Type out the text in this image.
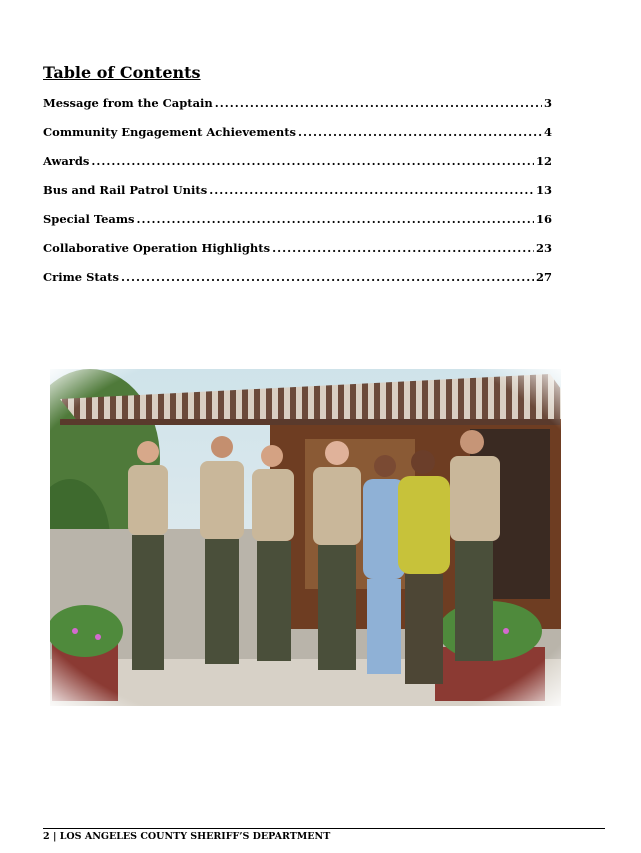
Table of Contents
Message from the Captain .....	3
Community Engagement Achievements .....	4
Awards .....	12
Bus and Rail Patrol Units .....	13
Special Teams .....	16
Collaborative Operation Highlights .....	23
Crime Stats .....	27
2 | LOS ANGELES COUNTY SHERIFF’S DEPARTMENT
